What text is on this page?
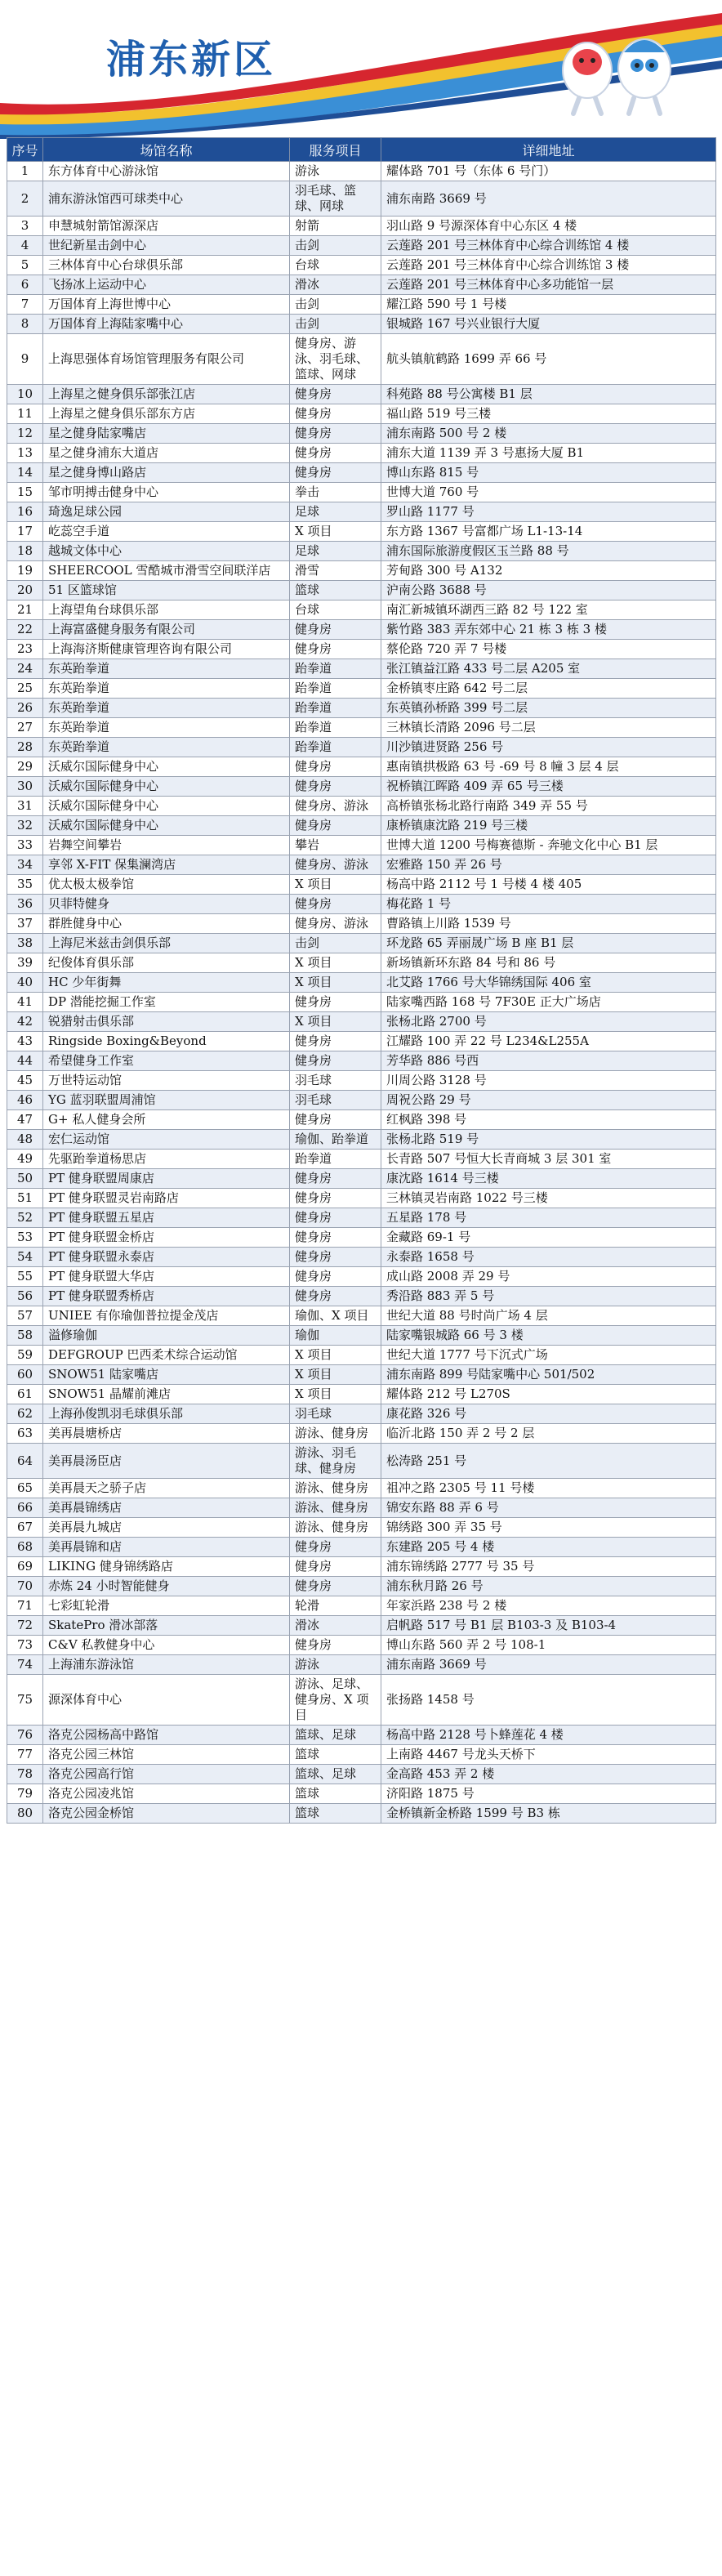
浦东新区
序号	场馆名称	服务项目	详细地址
1	东方体育中心游泳馆	游泳	耀体路 701 号（东体 6 号门）
2	浦东游泳馆西可球类中心	羽毛球、篮球、网球	浦东南路 3669 号
3	申慧城射箭馆源深店	射箭	羽山路 9 号源深体育中心东区 4 楼
4	世纪新星击剑中心	击剑	云莲路 201 号三林体育中心综合训练馆 4 楼
5	三林体育中心台球俱乐部	台球	云莲路 201 号三林体育中心综合训练馆 3 楼
6	飞扬冰上运动中心	滑冰	云莲路 201 号三林体育中心多功能馆一层
7	万国体育上海世博中心	击剑	耀江路 590 号 1 号楼
8	万国体育上海陆家嘴中心	击剑	银城路 167 号兴业银行大厦
9	上海思强体育场馆管理服务有限公司	健身房、游泳、羽毛球、篮球、网球	航头镇航鹤路 1699 弄 66 号
10	上海星之健身俱乐部张江店	健身房	科苑路 88 号公寓楼 B1 层
11	上海星之健身俱乐部东方店	健身房	福山路 519 号三楼
12	星之健身陆家嘴店	健身房	浦东南路 500 号 2 楼
13	星之健身浦东大道店	健身房	浦东大道 1139 弄 3 号惠扬大厦 B1
14	星之健身博山路店	健身房	博山东路 815 号
15	邹市明搏击健身中心	拳击	世博大道 760 号
16	琦逸足球公园	足球	罗山路 1177 号
17	屹蕊空手道	X 项目	东方路 1367 号富都广场 L1-13-14
18	越城文体中心	足球	浦东国际旅游度假区玉兰路 88 号
19	SHEERCOOL 雪酷城市滑雪空间联洋店	滑雪	芳甸路 300 号 A132
20	51 区篮球馆	篮球	沪南公路 3688 号
21	上海望角台球俱乐部	台球	南汇新城镇环湖西三路 82 号 122 室
22	上海富盛健身服务有限公司	健身房	紫竹路 383 弄东郊中心 21 栋 3 栋 3 楼
23	上海海济斯健康管理咨询有限公司	健身房	蔡伦路 720 弄 7 号楼
24	东英跆拳道	跆拳道	张江镇益江路 433 号二层 A205 室
25	东英跆拳道	跆拳道	金桥镇枣庄路 642 号二层
26	东英跆拳道	跆拳道	东英镇孙桥路 399 号二层
27	东英跆拳道	跆拳道	三林镇长清路 2096 号二层
28	东英跆拳道	跆拳道	川沙镇进贤路 256 号
29	沃威尔国际健身中心	健身房	惠南镇拱极路 63 号 -69 号 8 幢 3 层 4 层
30	沃威尔国际健身中心	健身房	祝桥镇江晖路 409 弄 65 号三楼
31	沃威尔国际健身中心	健身房、游泳	高桥镇张杨北路行南路 349 弄 55 号
32	沃威尔国际健身中心	健身房	康桥镇康沈路 219 号三楼
33	岩舞空间攀岩	攀岩	世博大道 1200 号梅赛德斯 - 奔驰文化中心 B1 层
34	享邻 X-FIT 保集澜湾店	健身房、游泳	宏雅路 150 弄 26 号
35	优太极太极拳馆	X 项目	杨高中路 2112 号 1 号楼 4 楼 405
36	贝菲特健身	健身房	梅花路 1 号
37	群胜健身中心	健身房、游泳	曹路镇上川路 1539 号
38	上海尼米兹击剑俱乐部	击剑	环龙路 65 弄丽晟广场 B 座 B1 层
39	纪俊体育俱乐部	X 项目	新场镇新环东路 84 号和 86 号
40	HC 少年街舞	X 项目	北艾路 1766 号大华锦绣国际 406 室
41	DP 潜能挖掘工作室	健身房	陆家嘴西路 168 号 7F30E 正大广场店
42	锐猎射击俱乐部	X 项目	张杨北路 2700 号
43	Ringside Boxing&Beyond	健身房	江耀路 100 弄 22 号 L234&L255A
44	希望健身工作室	健身房	芳华路 886 号西
45	万世特运动馆	羽毛球	川周公路 3128 号
46	YG 蓝羽联盟周浦馆	羽毛球	周祝公路 29 号
47	G+ 私人健身会所	健身房	红枫路 398 号
48	宏仁运动馆	瑜伽、跆拳道	张杨北路 519 号
49	先驱跆拳道杨思店	跆拳道	长青路 507 号恒大长青商城 3 层 301 室
50	PT 健身联盟周康店	健身房	康沈路 1614 号三楼
51	PT 健身联盟灵岩南路店	健身房	三林镇灵岩南路 1022 号三楼
52	PT 健身联盟五星店	健身房	五星路 178 号
53	PT 健身联盟金桥店	健身房	金藏路 69-1 号
54	PT 健身联盟永泰店	健身房	永泰路 1658 号
55	PT 健身联盟大华店	健身房	成山路 2008 弄 29 号
56	PT 健身联盟秀桥店	健身房	秀沿路 883 弄 5 号
57	UNIEE 有你瑜伽普拉提金茂店	瑜伽、X 项目	世纪大道 88 号时尚广场 4 层
58	溢修瑜伽	瑜伽	陆家嘴银城路 66 号 3 楼
59	DEFGROUP 巴西柔术综合运动馆	X 项目	世纪大道 1777 号下沉式广场
60	SNOW51 陆家嘴店	X 项目	浦东南路 899 号陆家嘴中心 501/502
61	SNOW51 晶耀前滩店	X 项目	耀体路 212 号 L270S
62	上海孙俊凯羽毛球俱乐部	羽毛球	康花路 326 号
63	美再晨塘桥店	游泳、健身房	临沂北路 150 弄 2 号 2 层
64	美再晨汤臣店	游泳、羽毛球、健身房	松涛路 251 号
65	美再晨天之骄子店	游泳、健身房	祖冲之路 2305 号 11 号楼
66	美再晨锦绣店	游泳、健身房	锦安东路 88 弄 6 号
67	美再晨九城店	游泳、健身房	锦绣路 300 弄 35 号
68	美再晨锦和店	健身房	东建路 205 号 4 楼
69	LIKING 健身锦绣路店	健身房	浦东锦绣路 2777 号 35 号
70	赤炼 24 小时智能健身	健身房	浦东秋月路 26 号
71	七彩虹轮滑	轮滑	年家浜路 238 号 2 楼
72	SkatePro 滑冰部落	滑冰	启帆路 517 号 B1 层 B103-3 及 B103-4
73	C&V 私教健身中心	健身房	博山东路 560 弄 2 号 108-1
74	上海浦东游泳馆	游泳	浦东南路 3669 号
75	源深体育中心	游泳、足球、健身房、X 项目	张扬路 1458 号
76	洛克公园杨高中路馆	篮球、足球	杨高中路 2128 号卜蜂莲花 4 楼
77	洛克公园三林馆	篮球	上南路 4467 号龙头天桥下
78	洛克公园高行馆	篮球、足球	金高路 453 弄 2 楼
79	洛克公园凌兆馆	篮球	济阳路 1875 号
80	洛克公园金桥馆	篮球	金桥镇新金桥路 1599 号 B3 栋
